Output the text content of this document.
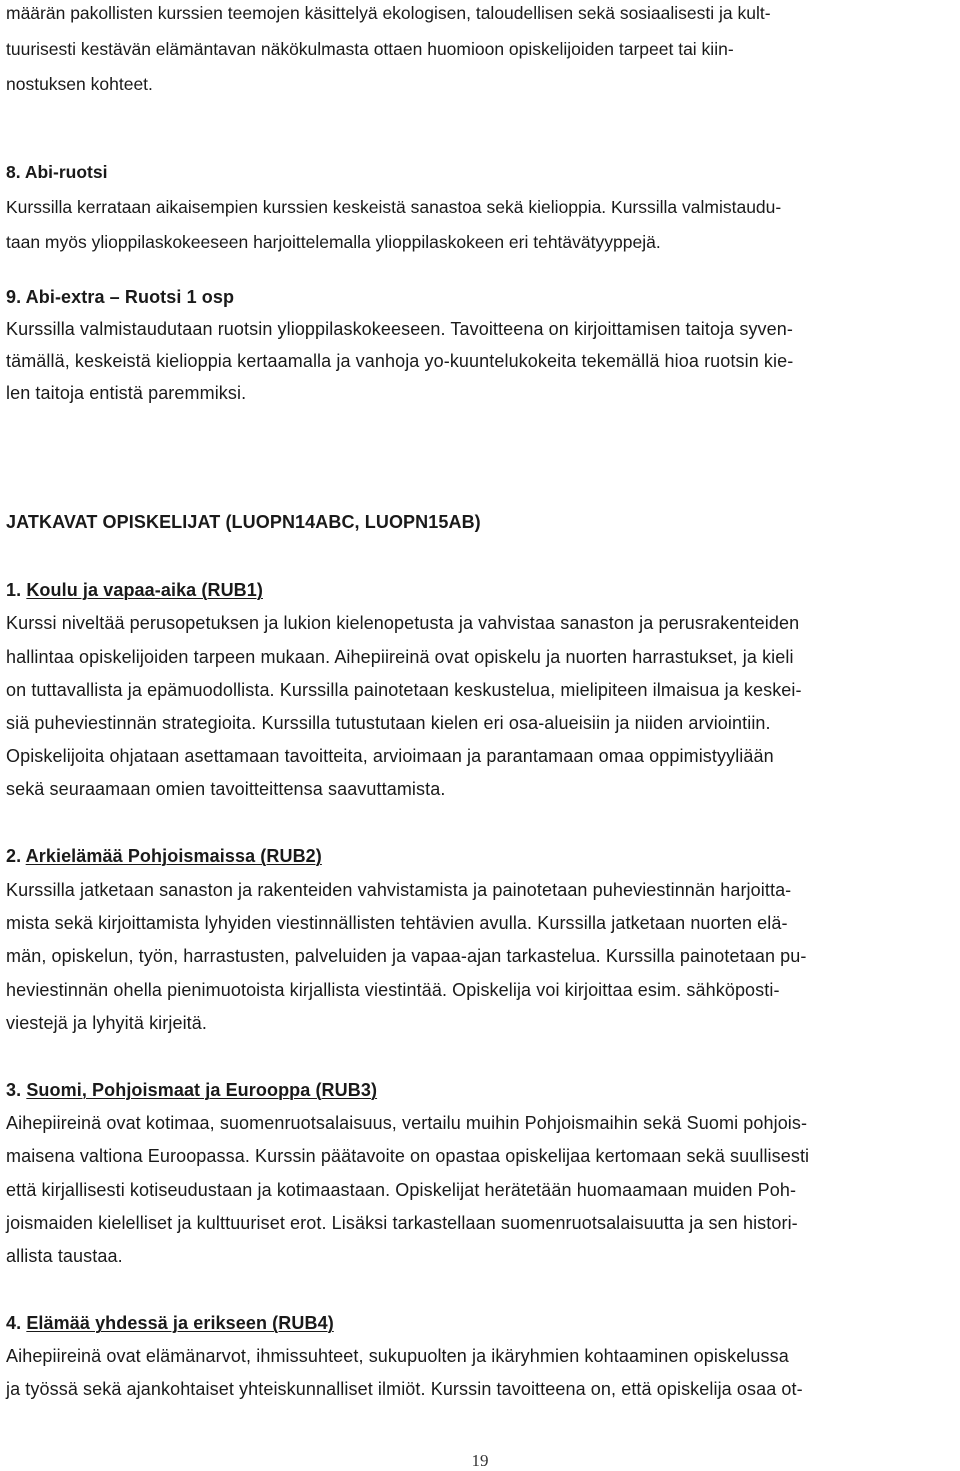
määrän pakollisten kurssien teemojen käsittelyä ekologisen, taloudellisen sekä sosiaalisesti ja kult-
tuurisesti kestävän elämäntavan näkökulmasta ottaen huomioon opiskelijoiden tarpeet tai kiin-
nostuksen kohteet.
8. Abi-ruotsi
Kurssilla kerrataan aikaisempien kurssien keskeistä sanastoa sekä kielioppia. Kurssilla valmistaudu-
taan myös ylioppilaskokeeseen harjoittelemalla ylioppilaskokeen eri tehtävätyyppejä.
9. Abi-extra – Ruotsi 1 osp
Kurssilla valmistaudutaan ruotsin ylioppilaskokeeseen. Tavoitteena on kirjoittamisen taitoja syven-
tämällä, keskeistä kielioppia kertaamalla ja vanhoja yo-kuuntelukokeita tekemällä hioa ruotsin kie-
len taitoja entistä paremmiksi.
JATKAVAT OPISKELIJAT (LUOPN14ABC, LUOPN15AB)
1. Koulu ja vapaa-aika (RUB1)
Kurssi niveltää perusopetuksen ja lukion kielenopetusta ja vahvistaa sanaston ja perusrakenteiden
hallintaa opiskelijoiden tarpeen mukaan. Aihepiireinä ovat opiskelu ja nuorten harrastukset, ja kieli
on tuttavallista ja epämuodollista. Kurssilla painotetaan keskustelua, mielipiteen ilmaisua ja keskei-
siä puheviestinnän strategioita. Kurssilla tutustutaan kielen eri osa-alueisiin ja niiden arviointiin.
Opiskelijoita ohjataan asettamaan tavoitteita, arvioimaan ja parantamaan omaa oppimistyyliään
sekä seuraamaan omien tavoitteittensa saavuttamista.
2. Arkielämää Pohjoismaissa (RUB2)
Kurssilla jatketaan sanaston ja rakenteiden vahvistamista ja painotetaan puheviestinnän harjoitta-
mista sekä kirjoittamista lyhyiden viestinnällisten tehtävien avulla. Kurssilla jatketaan nuorten elä-
män, opiskelun, työn, harrastusten, palveluiden ja vapaa-ajan tarkastelua. Kurssilla painotetaan pu-
heviestinnän ohella pienimuotoista kirjallista viestintää. Opiskelija voi kirjoittaa esim. sähköposti-
viestejä ja lyhyitä kirjeitä.
3. Suomi, Pohjoismaat ja Eurooppa (RUB3)
Aihepiireinä ovat kotimaa, suomenruotsalaisuus, vertailu muihin Pohjoismaihin sekä Suomi pohjois-
maisena valtiona Euroopassa. Kurssin päätavoite on opastaa opiskelijaa kertomaan sekä suullisesti
että kirjallisesti kotiseudustaan ja kotimaastaan. Opiskelijat herätetään huomaamaan muiden Poh-
joismaiden kielelliset ja kulttuuriset erot. Lisäksi tarkastellaan suomenruotsalaisuutta ja sen histori-
allista taustaa.
4. Elämää yhdessä ja erikseen (RUB4)
Aihepiireinä ovat elämänarvot, ihmissuhteet, sukupuolten ja ikäryhmien kohtaaminen opiskelussa
ja työssä sekä ajankohtaiset yhteiskunnalliset ilmiöt. Kurssin tavoitteena on, että opiskelija osaa ot-
19
